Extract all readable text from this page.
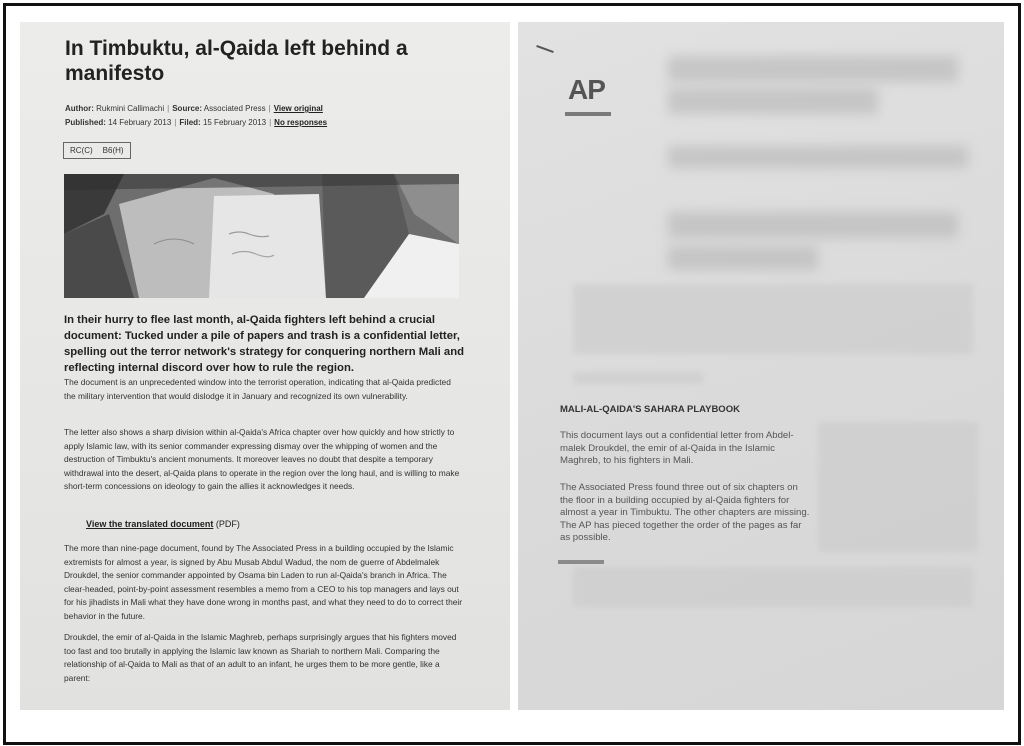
In Timbuktu, al-Qaida left behind a manifesto
Author: Rukmini Callimachi | Source: Associated Press | View original
Published: 14 February 2013 | Filed: 15 February 2013 | No responses
RC(C) B6(H)
In their hurry to flee last month, al-Qaida fighters left behind a crucial document: Tucked under a pile of papers and trash is a confidential letter, spelling out the terror network's strategy for conquering northern Mali and reflecting internal discord over how to rule the region.
The document is an unprecedented window into the terrorist operation, indicating that al-Qaida predicted the military intervention that would dislodge it in January and recognized its own vulnerability.
The letter also shows a sharp division within al-Qaida's Africa chapter over how quickly and how strictly to apply Islamic law, with its senior commander expressing dismay over the whipping of women and the destruction of Timbuktu's ancient monuments. It moreover leaves no doubt that despite a temporary withdrawal into the desert, al-Qaida plans to operate in the region over the long haul, and is willing to make short-term concessions on ideology to gain the allies it acknowledges it needs.
View the translated document (PDF)
The more than nine-page document, found by The Associated Press in a building occupied by the Islamic extremists for almost a year, is signed by Abu Musab Abdul Wadud, the nom de guerre of Abdelmalek Droukdel, the senior commander appointed by Osama bin Laden to run al-Qaida's branch in Africa. The clear-headed, point-by-point assessment resembles a memo from a CEO to his top managers and lays out for his jihadists in Mali what they have done wrong in months past, and what they need to do to correct their behavior in the future.
Droukdel, the emir of al-Qaida in the Islamic Maghreb, perhaps surprisingly argues that his fighters moved too fast and too brutally in applying the Islamic law known as Shariah to northern Mali. Comparing the relationship of al-Qaida to Mali as that of an adult to an infant, he urges them to be more gentle, like a parent:
AP
MALI-AL-QAIDA'S SAHARA PLAYBOOK
This document lays out a confidential letter from Abdel-malek Droukdel, the emir of al-Qaida in the Islamic Maghreb, to his fighters in Mali.
The Associated Press found three out of six chapters on the floor in a building occupied by al-Qaida fighters for almost a year in Timbuktu. The other chapters are missing. The AP has pieced together the order of the pages as far as possible.
